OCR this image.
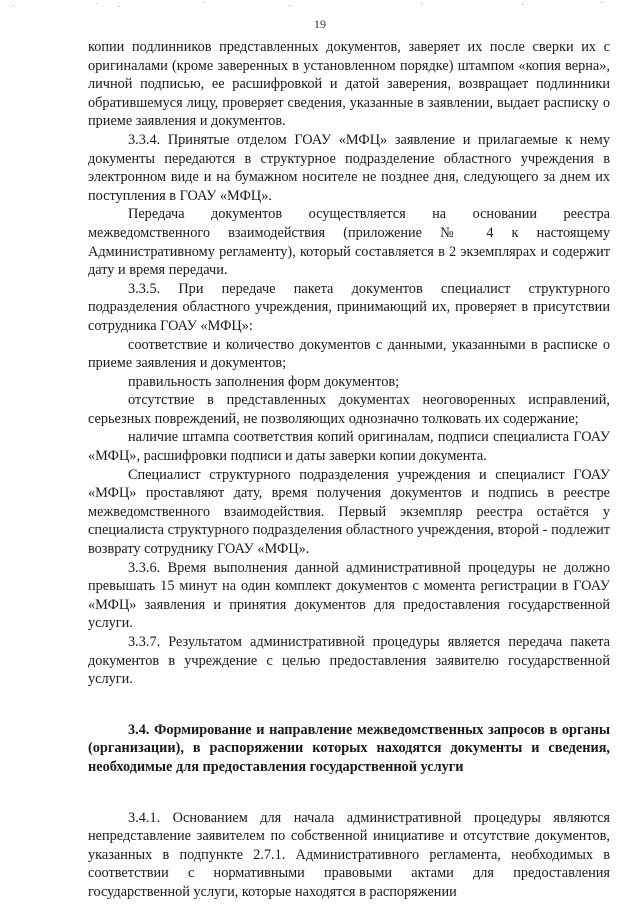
19

копии подлинников представленных документов, заверяет их после сверки их с оригиналами (кроме заверенных в установленном порядке) штампом «копия верна», личной подписью, ее расшифровкой и датой заверения, возвращает подлинники обратившемуся лицу, проверяет сведения, указанные в заявлении, выдает расписку о приеме заявления и документов.

3.3.4. Принятые отделом ГОАУ «МФЦ» заявление и прилагаемые к нему документы передаются в структурное подразделение областного учреждения в электронном виде и на бумажном носителе не позднее дня, следующего за днем их поступления в ГОАУ «МФЦ».

Передача документов осуществляется на основании реестра межведомственного взаимодействия (приложение № 4 к настоящему Административному регламенту), который составляется в 2 экземплярах и содержит дату и время передачи.

3.3.5. При передаче пакета документов специалист структурного подразделения областного учреждения, принимающий их, проверяет в присутствии сотрудника ГОАУ «МФЦ»:

соответствие и количество документов с данными, указанными в расписке о приеме заявления и документов;

правильность заполнения форм документов;

отсутствие в представленных документах неоговоренных исправлений, серьезных повреждений, не позволяющих однозначно толковать их содержание;

наличие штампа соответствия копий оригиналам, подписи специалиста ГОАУ «МФЦ», расшифровки подписи и даты заверки копии документа.

Специалист структурного подразделения учреждения и специалист ГОАУ «МФЦ» проставляют дату, время получения документов и подпись в реестре межведомственного взаимодействия. Первый экземпляр реестра остаётся у специалиста структурного подразделения областного учреждения, второй - подлежит возврату сотруднику ГОАУ «МФЦ».

3.3.6. Время выполнения данной административной процедуры не должно превышать 15 минут на один комплект документов с момента регистрации в ГОАУ «МФЦ» заявления и принятия документов для предоставления государственной услуги.

3.3.7. Результатом административной процедуры является передача пакета документов в учреждение с целью предоставления заявителю государственной услуги.

3.4. Формирование и направление межведомственных запросов в органы (организации), в распоряжении которых находятся документы и сведения, необходимые для предоставления государственной услуги

3.4.1. Основанием для начала административной процедуры являются непредставление заявителем по собственной инициативе и отсутствие документов, указанных в подпункте 2.7.1. Административного регламента, необходимых в соответствии с нормативными правовыми актами для предоставления государственной услуги, которые находятся в распоряжении
